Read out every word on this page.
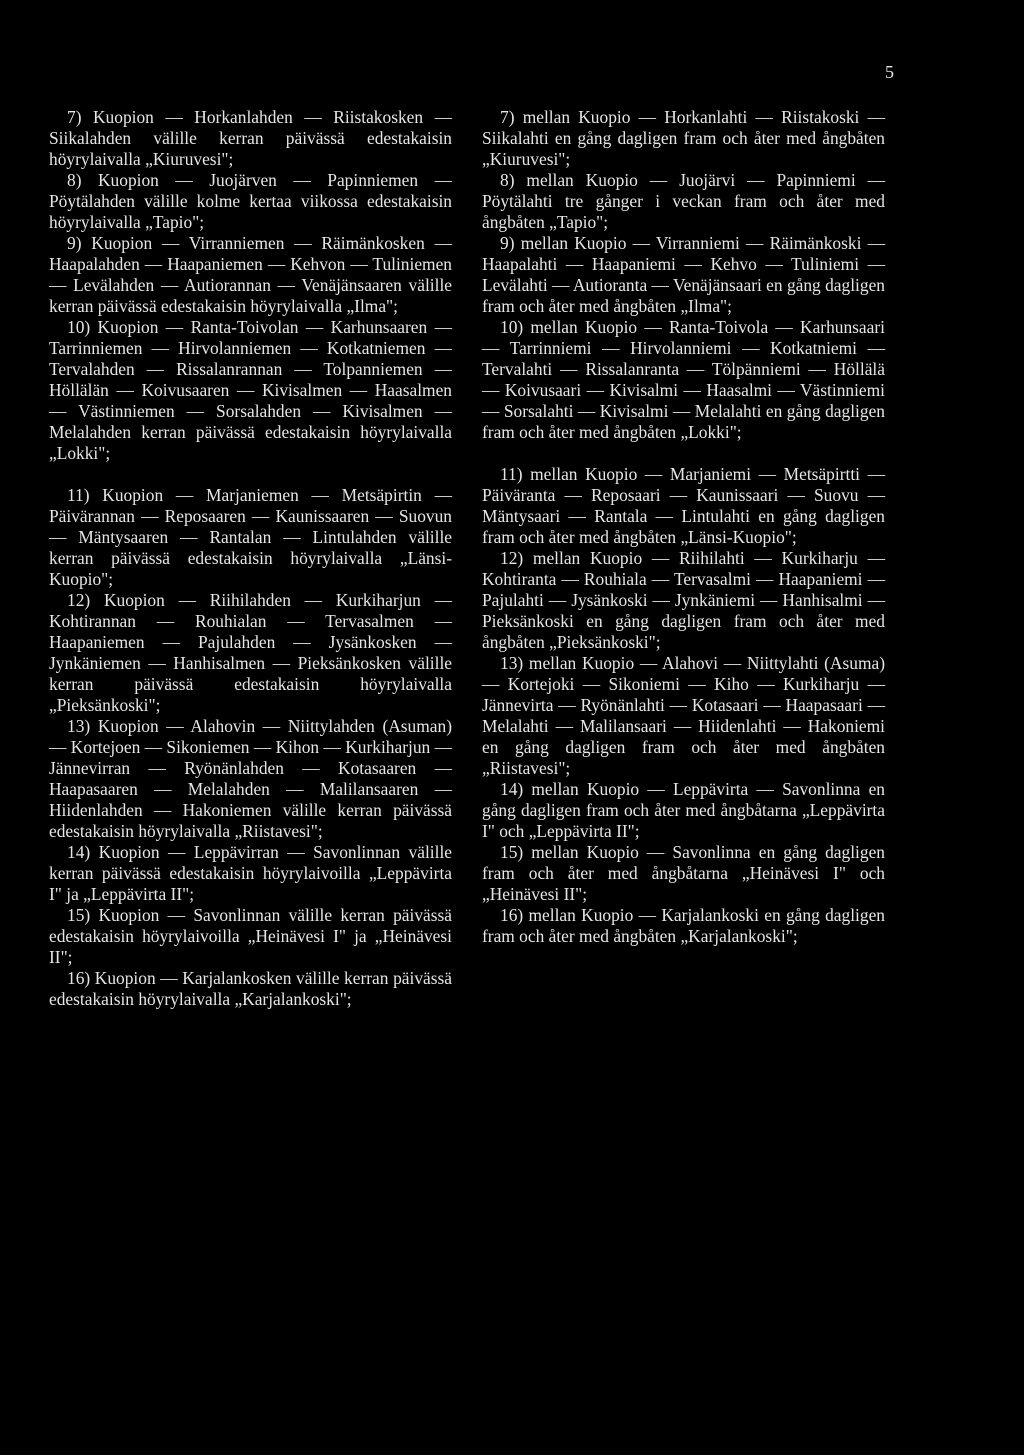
5

7) Kuopion — Horkanlahden — Riistakosken — Siikalahden välille kerran päivässä edestakaisin höyrylaivalla „Kiuruvesi";

8) Kuopion — Juojärven — Papinniemen — Pöytälahden välille kolme kertaa viikossa edestakaisin höyrylaivalla „Tapio";

9) Kuopion — Virranniemen — Räimänkosken — Haapalahden — Haapaniemen — Kehvon — Tuliniemen — Levälahden — Autiorannan — Venäjänsaaren välille kerran päivässä edestakaisin höyrylaivalla „Ilma";

10) Kuopion — Ranta-Toivolan — Karhunsaaren — Tarrinniemen — Hirvolanniemen — Kotkatniemen — Tervalahden — Rissalanrannan — Tolpanniemen — Höllälän — Koivusaaren — Kivisalmen — Haasalmen — Västinniemen — Sorsalahden — Kivisalmen — Melalahden kerran päivässä edestakaisin höyrylaivalla „Lokki";

11) Kuopion — Marjaniemen — Metsäpirtin — Päivärannan — Reposaaren — Kaunissaaren — Suovun — Mäntysaaren — Rantalan — Lintulahden välille kerran päivässä edestakaisin höyrylaivalla „Länsi-Kuopio";

12) Kuopion — Riihilahden — Kurkiharjun — Kohtirannan — Rouhialan — Tervasalmen — Haapaniemen — Pajulahden — Jysänkosken — Jynkäniemen — Hanhisalmen — Pieksänkosken välille kerran päivässä edestakaisin höyrylaivalla „Pieksänkoski";

13) Kuopion — Alahovin — Niittylahden (Asuman) — Kortejoen — Sikoniemen — Kihon — Kurkiharjun — Jännevirran — Ryönänlahden — Kotasaaren — Haapasaaren — Melalahden — Malilansaaren — Hiidenlahden — Hakoniemen välille kerran päivässä edestakaisin höyrylaivalla „Riistavesi";

14) Kuopion — Leppävirran — Savonlinnan välille kerran päivässä edestakaisin höyrylaivoilla „Leppävirta I" ja „Leppävirta II";

15) Kuopion — Savonlinnan välille kerran päivässä edestakaisin höyrylaivoilla „Heinävesi I" ja „Heinävesi II";

16) Kuopion — Karjalankosken välille kerran päivässä edestakaisin höyrylaivalla „Karjalankoski";

7) mellan Kuopio — Horkanlahti — Riistakoski — Siikalahti en gång dagligen fram och åter med ångbåten „Kiuruvesi";

8) mellan Kuopio — Juojärvi — Papinniemi — Pöytälahti tre gånger i veckan fram och åter med ångbåten „Tapio";

9) mellan Kuopio — Virranniemi — Räimänkoski — Haapalahti — Haapaniemi — Kehvo — Tuliniemi — Levälahti — Autioranta — Venäjänsaari en gång dagligen fram och åter med ångbåten „Ilma";

10) mellan Kuopio — Ranta-Toivola — Karhunsaari — Tarrinniemi — Hirvolanniemi — Kotkatniemi — Tervalahti — Rissalanranta — Tölpänniemi — Höllälä — Koivusaari — Kivisalmi — Haasalmi — Västinniemi — Sorsalahti — Kivisalmi — Melalahti en gång dagligen fram och åter med ångbåten „Lokki";

11) mellan Kuopio — Marjaniemi — Metsäpirtti — Päiväranta — Reposaari — Kaunissaari — Suovu — Mäntysaari — Rantala — Lintulahti en gång dagligen fram och åter med ångbåten „Länsi-Kuopio";

12) mellan Kuopio — Riihilahti — Kurkiharju — Kohtiranta — Rouhiala — Tervasalmi — Haapaniemi — Pajulahti — Jysänkoski — Jynkäniemi — Hanhisalmi — Pieksänkoski en gång dagligen fram och åter med ångbåten „Pieksänkoski";

13) mellan Kuopio — Alahovi — Niittylahti (Asuma) — Kortejoki — Sikoniemi — Kiho — Kurkiharju — Jännevirta — Ryönänlahti — Kotasaari — Haapasaari — Melalahti — Malilansaari — Hiidenlahti — Hakoniemi en gång dagligen fram och åter med ångbåten „Riistavesi";

14) mellan Kuopio — Leppävirta — Savonlinna en gång dagligen fram och åter med ångbåtarna „Leppävirta I" och „Leppävirta II";

15) mellan Kuopio — Savonlinna en gång dagligen fram och åter med ångbåtarna „Heinävesi I" och „Heinävesi II";

16) mellan Kuopio — Karjalankoski en gång dagligen fram och åter med ångbåten „Karjalankoski";
